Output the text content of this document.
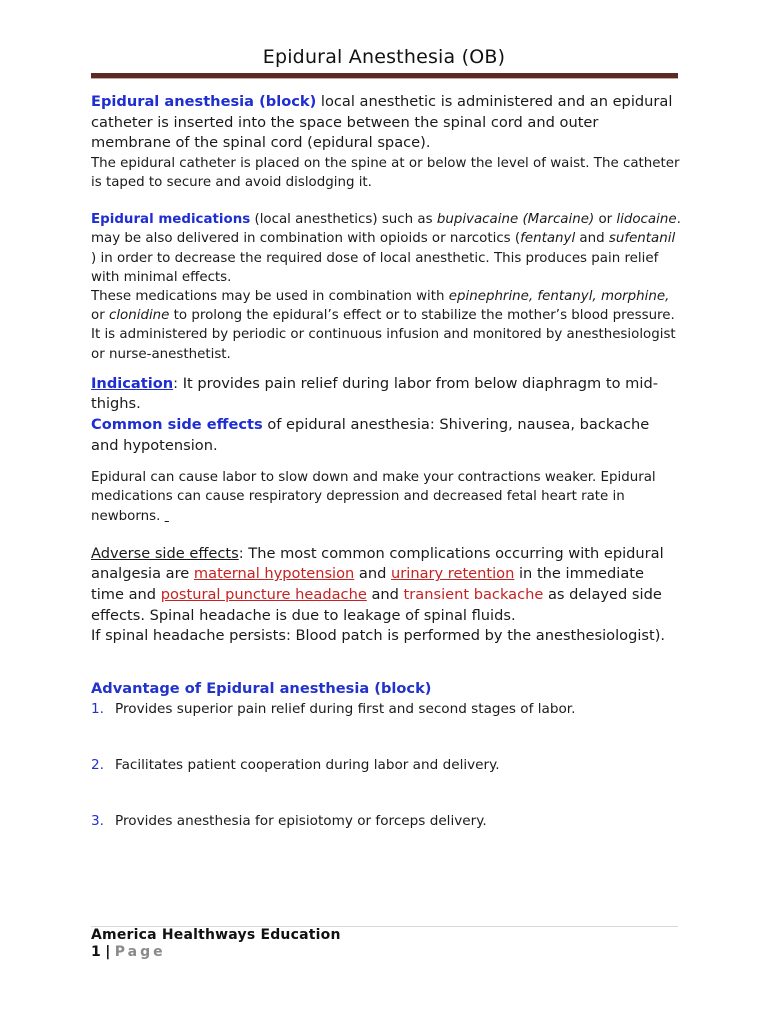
Epidural Anesthesia (OB)

Epidural anesthesia (block) local anesthetic is administered and an epidural catheter is inserted into the space between the spinal cord and outer membrane of the spinal cord (epidural space).

The epidural catheter is placed on the spine at or below the level of waist. The catheter is taped to secure and avoid dislodging it.

Epidural medications (local anesthetics) such as bupivacaine (Marcaine) or lidocaine.

may be also delivered in combination with opioids or narcotics (fentanyl and sufentanil ) in order to decrease the required dose of local anesthetic. This produces pain relief with minimal effects.

These medications may be used in combination with epinephrine, fentanyl, morphine, or clonidine to prolong the epidural’s effect or to stabilize the mother’s blood pressure.

It is administered by periodic or continuous infusion and monitored by anesthesiologist or nurse-anesthetist.

Indication: It provides pain relief during labor from below diaphragm to mid-thighs.

Common side effects of epidural anesthesia: Shivering, nausea, backache and hypotension.

Epidural can cause labor to slow down and make your contractions weaker. Epidural medications can cause respiratory depression and decreased fetal heart rate in newborns.

Adverse side effects: The most common complications occurring with epidural analgesia are maternal hypotension and urinary retention in the immediate time and postural puncture headache and transient backache as delayed side effects. Spinal headache is due to leakage of spinal fluids.

If spinal headache persists: Blood patch is performed by the anesthesiologist).

Advantage of Epidural anesthesia (block)

1. Provides superior pain relief during first and second stages of labor.

2. Facilitates patient cooperation during labor and delivery.

3. Provides anesthesia for episiotomy or forceps delivery.

America Healthways Education
1 | Page
